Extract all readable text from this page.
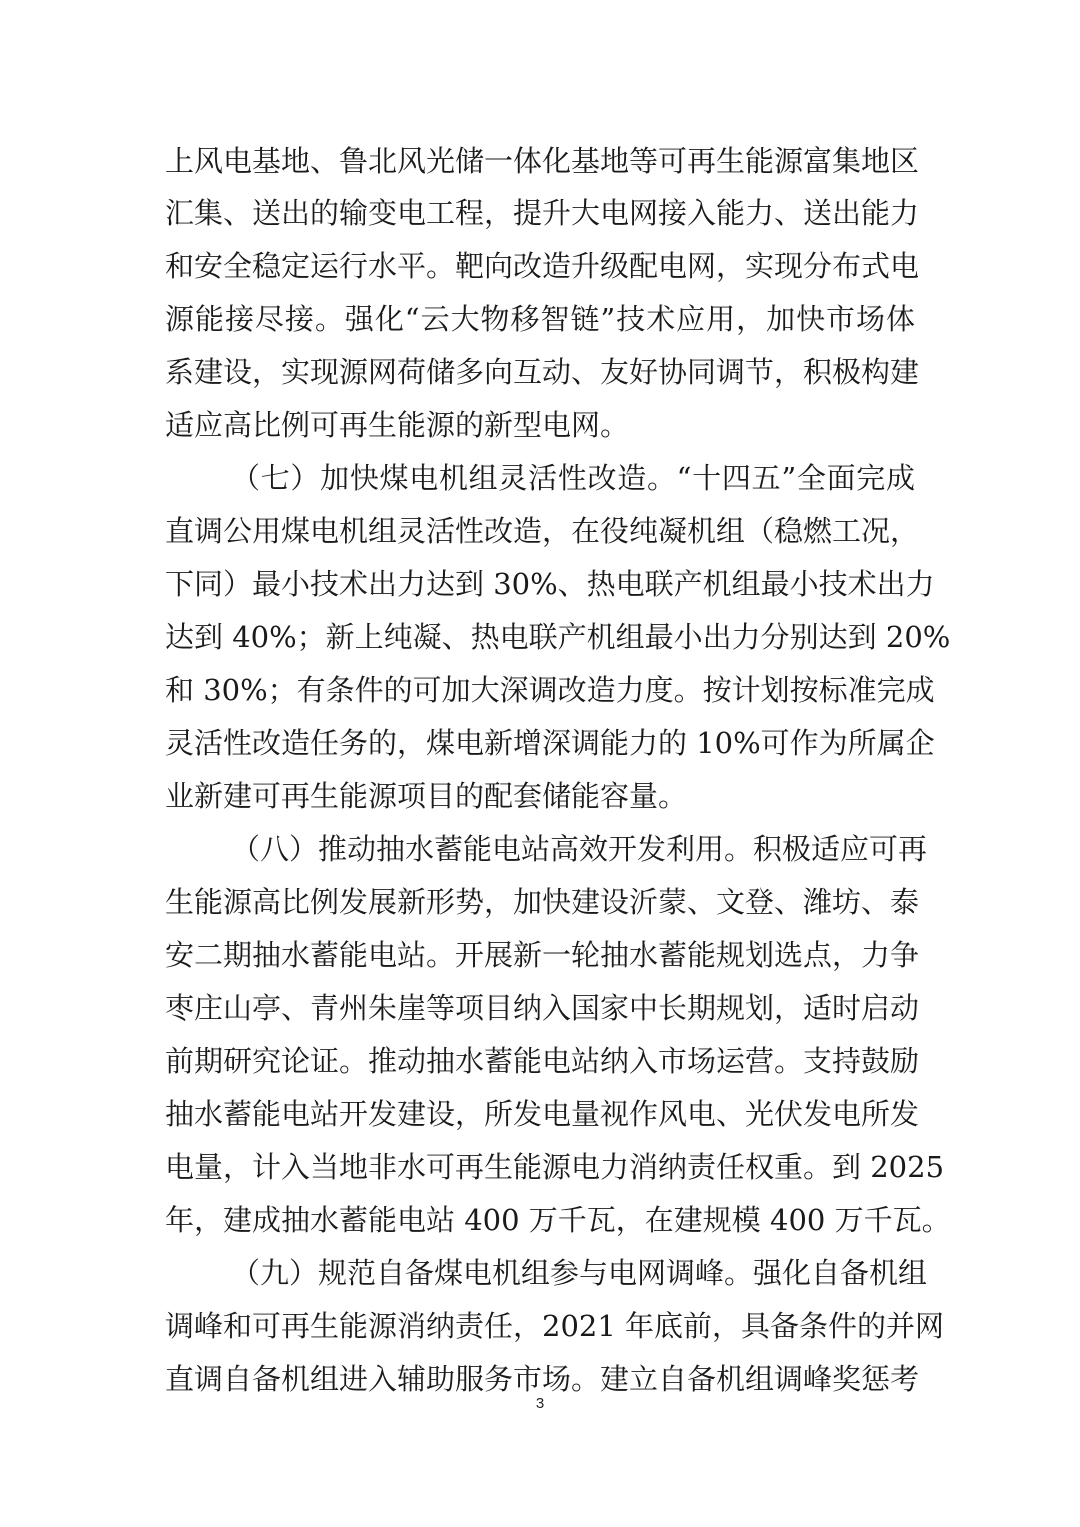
上风电基地、鲁北风光储一体化基地等可再生能源富集地区
汇集、送出的输变电工程，提升大电网接入能力、送出能力
和安全稳定运行水平。靶向改造升级配电网，实现分布式电
源能接尽接。强化“云大物移智链”技术应用，加快市场体
系建设，实现源网荷储多向互动、友好协同调节，积极构建
适应高比例可再生能源的新型电网。
（七）加快煤电机组灵活性改造。“十四五”全面完成
直调公用煤电机组灵活性改造，在役纯凝机组（稳燃工况，
下同）最小技术出力达到 30%、热电联产机组最小技术出力
达到 40%；新上纯凝、热电联产机组最小出力分别达到 20%
和 30%；有条件的可加大深调改造力度。按计划按标准完成
灵活性改造任务的，煤电新增深调能力的 10%可作为所属企
业新建可再生能源项目的配套储能容量。
（八）推动抽水蓄能电站高效开发利用。积极适应可再
生能源高比例发展新形势，加快建设沂蒙、文登、潍坊、泰
安二期抽水蓄能电站。开展新一轮抽水蓄能规划选点，力争
枣庄山亭、青州朱崖等项目纳入国家中长期规划，适时启动
前期研究论证。推动抽水蓄能电站纳入市场运营。支持鼓励
抽水蓄能电站开发建设，所发电量视作风电、光伏发电所发
电量，计入当地非水可再生能源电力消纳责任权重。到 2025
年，建成抽水蓄能电站 400 万千瓦，在建规模 400 万千瓦。
（九）规范自备煤电机组参与电网调峰。强化自备机组
调峰和可再生能源消纳责任，2021 年底前，具备条件的并网
直调自备机组进入辅助服务市场。建立自备机组调峰奖惩考
3
